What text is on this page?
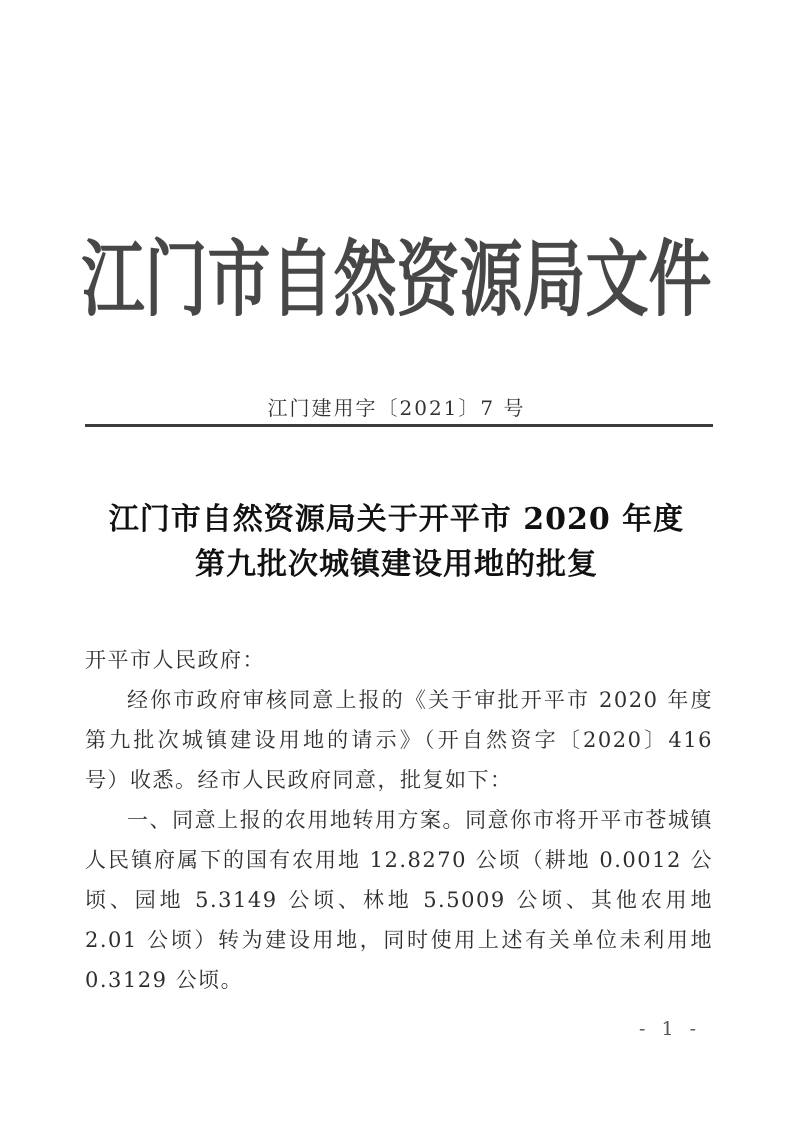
江门市自然资源局文件
江门建用字〔2021〕7 号
江门市自然资源局关于开平市 2020 年度
第九批次城镇建设用地的批复
开平市人民政府：
经你市政府审核同意上报的《关于审批开平市 2020 年度第九批次城镇建设用地的请示》（开自然资字〔2020〕416 号）收悉。经市人民政府同意，批复如下：
一、同意上报的农用地转用方案。同意你市将开平市苍城镇人民镇府属下的国有农用地 12.8270 公顷（耕地 0.0012 公顷、园地 5.3149 公顷、林地 5.5009 公顷、其他农用地 2.01 公顷）转为建设用地，同时使用上述有关单位未利用地 0.3129 公顷。
- 1 -
